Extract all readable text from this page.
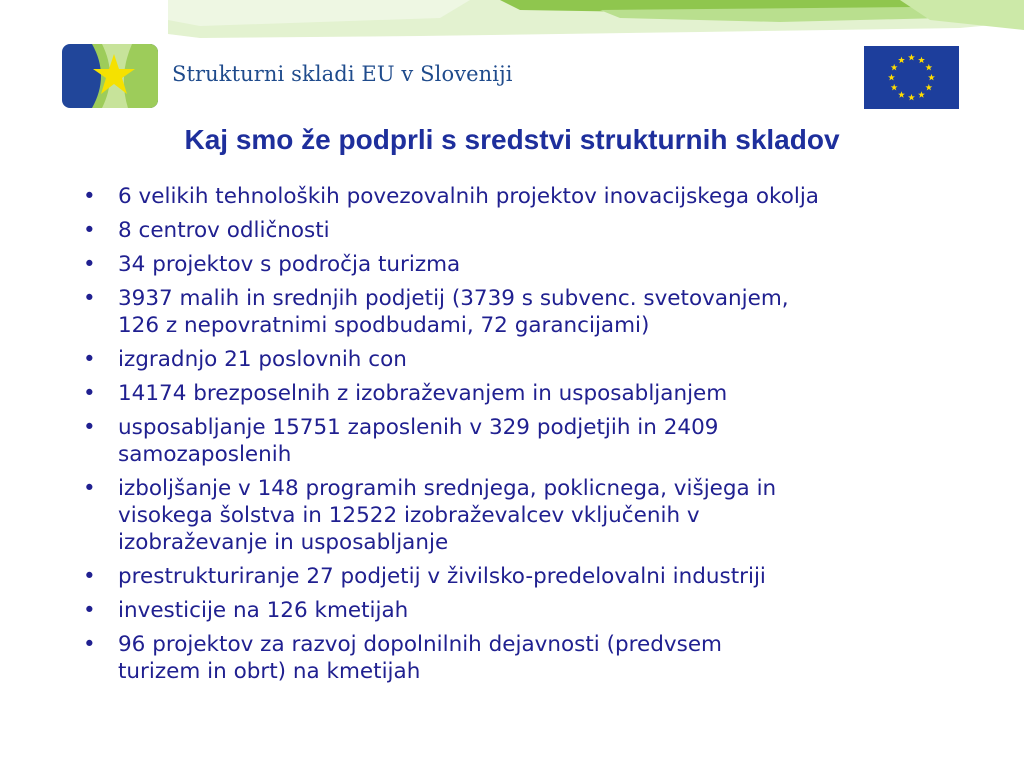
Strukturni skladi EU v Sloveniji
Kaj smo že podprli s sredstvi strukturnih skladov
• 6 velikih tehnoloških povezovalnih projektov inovacijskega okolja
• 8 centrov odličnosti
• 34 projektov s področja turizma
• 3937 malih in srednjih podjetij (3739 s subvenc. svetovanjem,
126 z nepovratnimi spodbudami, 72 garancijami)
• izgradnjo 21 poslovnih con
• 14174 brezposelnih z izobraževanjem in usposabljanjem
• usposabljanje 15751 zaposlenih v 329 podjetjih in 2409
samozaposlenih
• izboljšanje v 148 programih srednjega, poklicnega, višjega in
visokega šolstva in 12522 izobraževalcev vključenih v
izobraževanje in usposabljanje
• prestrukturiranje 27 podjetij v živilsko-predelovalni industriji
• investicije na 126 kmetijah
• 96 projektov za razvoj dopolnilnih dejavnosti (predvsem
turizem in obrt) na kmetijah
